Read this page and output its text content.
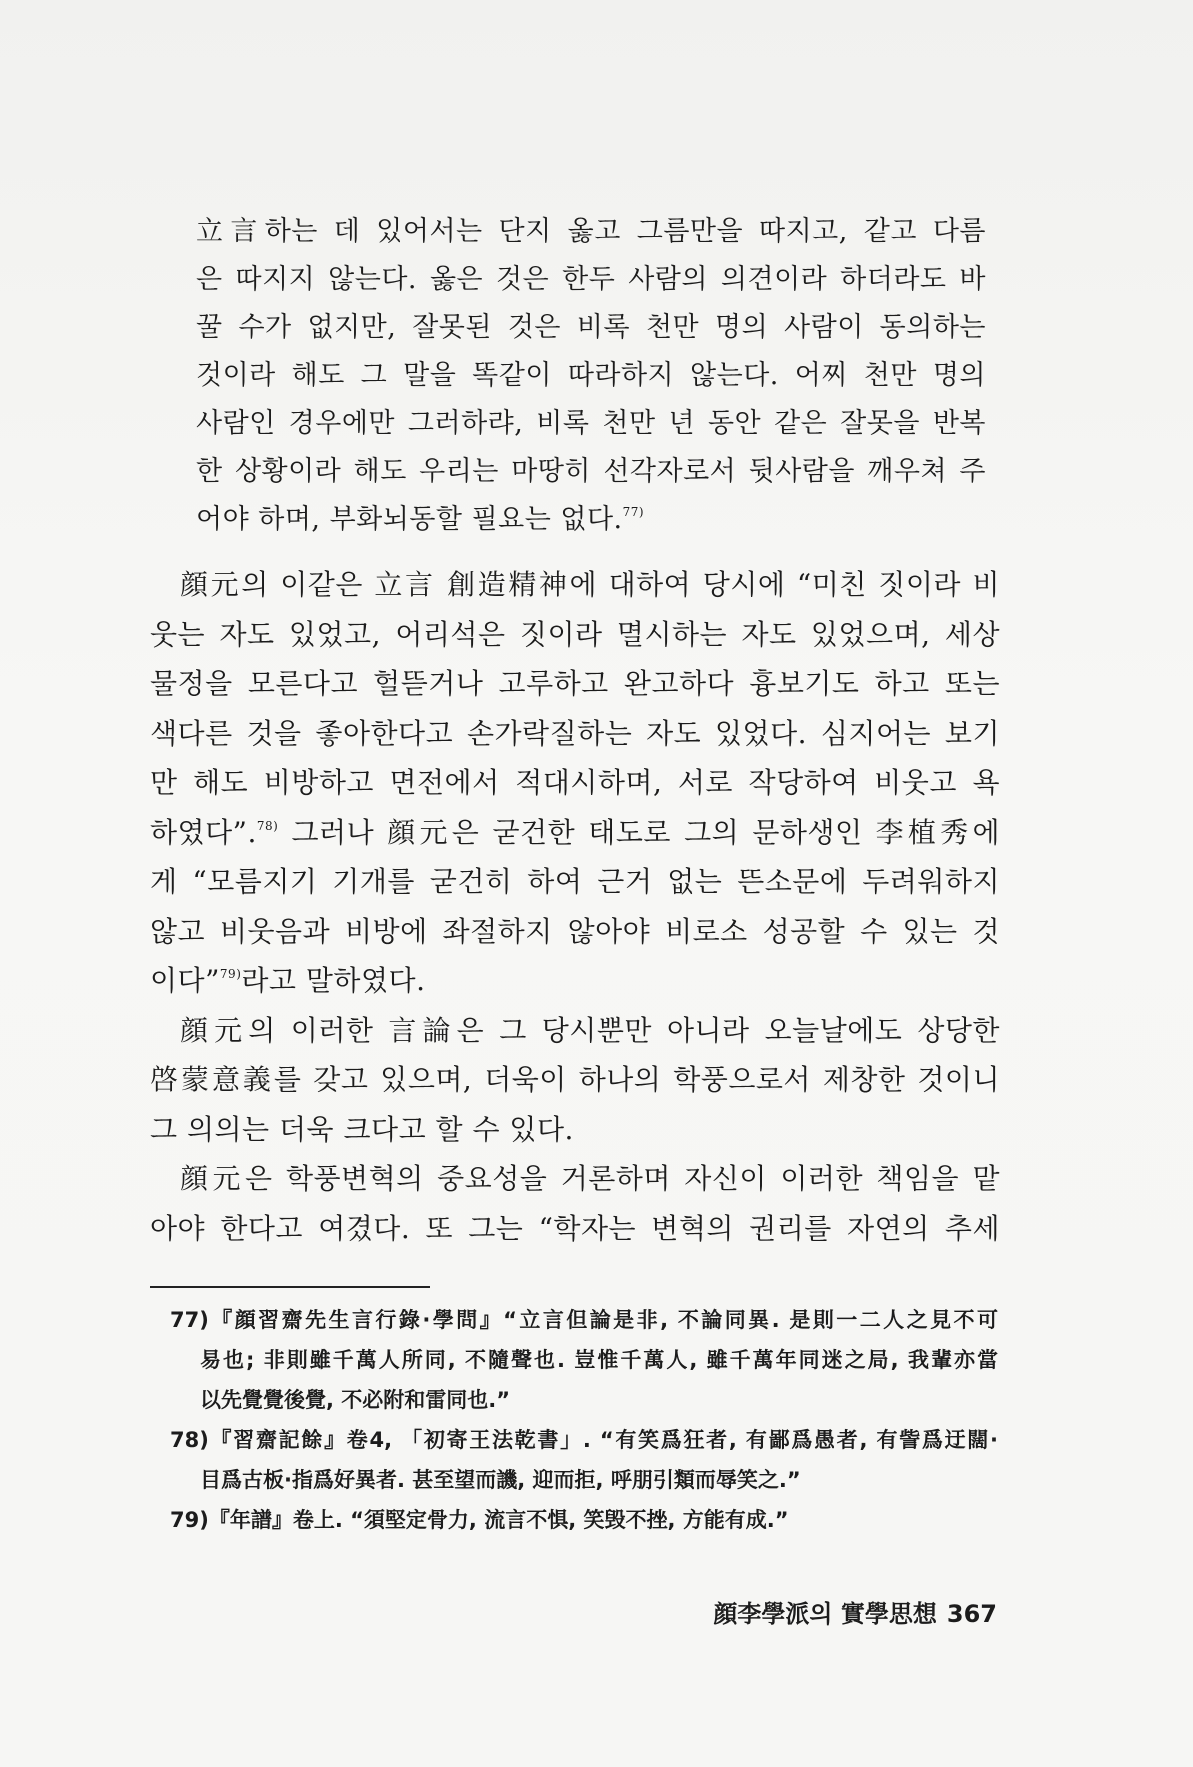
立言하는 데 있어서는 단지 옳고 그름만을 따지고, 같고 다름
은 따지지 않는다. 옳은 것은 한두 사람의 의견이라 하더라도 바
꿀 수가 없지만, 잘못된 것은 비록 천만 명의 사람이 동의하는
것이라 해도 그 말을 똑같이 따라하지 않는다. 어찌 천만 명의
사람인 경우에만 그러하랴, 비록 천만 년 동안 같은 잘못을 반복
한 상황이라 해도 우리는 마땅히 선각자로서 뒷사람을 깨우쳐 주
어야 하며, 부화뇌동할 필요는 없다.$^{77)}$
顔元의 이같은 立言 創造精神에 대하여 당시에 “미친 짓이라 비
웃는 자도 있었고, 어리석은 짓이라 멸시하는 자도 있었으며, 세상
물정을 모른다고 헐뜯거나 고루하고 완고하다 흉보기도 하고 또는
색다른 것을 좋아한다고 손가락질하는 자도 있었다. 심지어는 보기
만 해도 비방하고 면전에서 적대시하며, 서로 작당하여 비웃고 욕
하였다”.$^{78)}$ 그러나 顔元은 굳건한 태도로 그의 문하생인 李植秀에
게 “모름지기 기개를 굳건히 하여 근거 없는 뜬소문에 두려워하지
않고 비웃음과 비방에 좌절하지 않아야 비로소 성공할 수 있는 것
이다”$^{79)}$라고 말하였다.
顔元의 이러한 言論은 그 당시뿐만 아니라 오늘날에도 상당한
啓蒙意義를 갖고 있으며, 더욱이 하나의 학풍으로서 제창한 것이니
그 의의는 더욱 크다고 할 수 있다.
顔元은 학풍변혁의 중요성을 거론하며 자신이 이러한 책임을 맡
아야 한다고 여겼다. 또 그는 “학자는 변혁의 권리를 자연의 추세
77)『顔習齋先生言行錄·學問』“立言但論是非, 不論同異. 是則一二人之見不可
易也; 非則雖千萬人所同, 不隨聲也. 豈惟千萬人, 雖千萬年同迷之局, 我輩亦當
以先覺覺後覺, 不必附和雷同也.”
78)『習齋記餘』卷4, 「初寄王法乾書」. “有笑爲狂者, 有鄙爲愚者, 有訾爲迂闊·
目爲古板·指爲好異者. 甚至望而譏, 迎而拒, 呼朋引類而辱笑之.”
79)『年譜』卷上. “須堅定骨力, 流言不惧, 笑毁不挫, 方能有成.”
顔李學派의 實學思想 367
